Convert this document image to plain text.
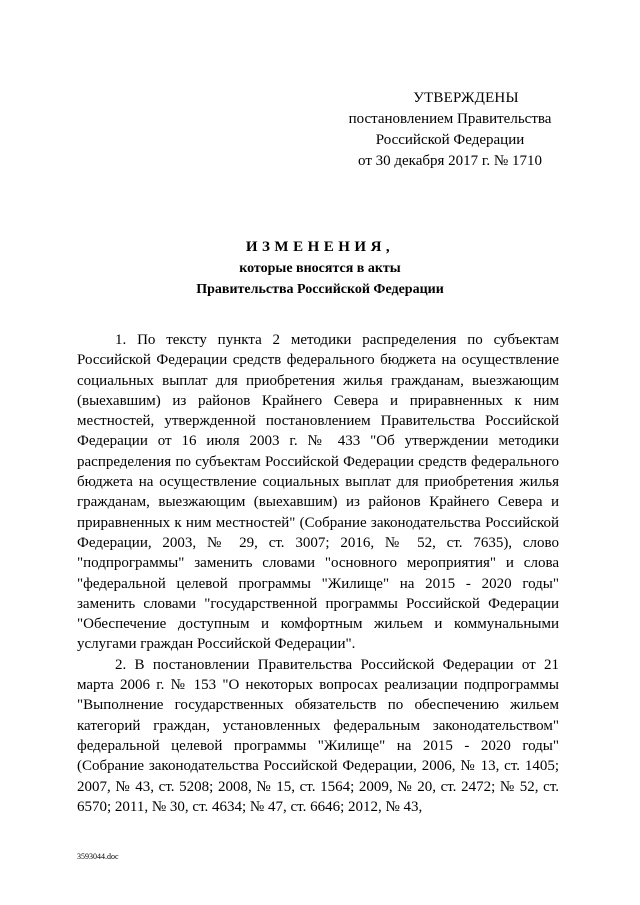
УТВЕРЖДЕНЫ
постановлением Правительства
Российской Федерации
от 30 декабря 2017 г. № 1710
ИЗМЕНЕНИЯ,
которые вносятся в акты
Правительства Российской Федерации

1. По тексту пункта 2 методики распределения по субъектам Российской Федерации средств федерального бюджета на осуществление социальных выплат для приобретения жилья гражданам, выезжающим (выехавшим) из районов Крайнего Севера и приравненных к ним местностей, утвержденной постановлением Правительства Российской Федерации от 16 июля 2003 г. № 433 "Об утверждении методики распределения по субъектам Российской Федерации средств федерального бюджета на осуществление социальных выплат для приобретения жилья гражданам, выезжающим (выехавшим) из районов Крайнего Севера и приравненных к ним местностей" (Собрание законодательства Российской Федерации, 2003, № 29, ст. 3007; 2016, № 52, ст. 7635), слово "подпрограммы" заменить словами "основного мероприятия" и слова "федеральной целевой программы "Жилище" на 2015 - 2020 годы" заменить словами "государственной программы Российской Федерации "Обеспечение доступным и комфортным жильем и коммунальными услугами граждан Российской Федерации".

2. В постановлении Правительства Российской Федерации от 21 марта 2006 г. № 153 "О некоторых вопросах реализации подпрограммы "Выполнение государственных обязательств по обеспечению жильем категорий граждан, установленных федеральным законодательством" федеральной целевой программы "Жилище" на 2015 - 2020 годы" (Собрание законодательства Российской Федерации, 2006, № 13, ст. 1405; 2007, № 43, ст. 5208; 2008, № 15, ст. 1564; 2009, № 20, ст. 2472; № 52, ст. 6570; 2011, № 30, ст. 4634; № 47, ст. 6646; 2012, № 43,

3593044.doc
